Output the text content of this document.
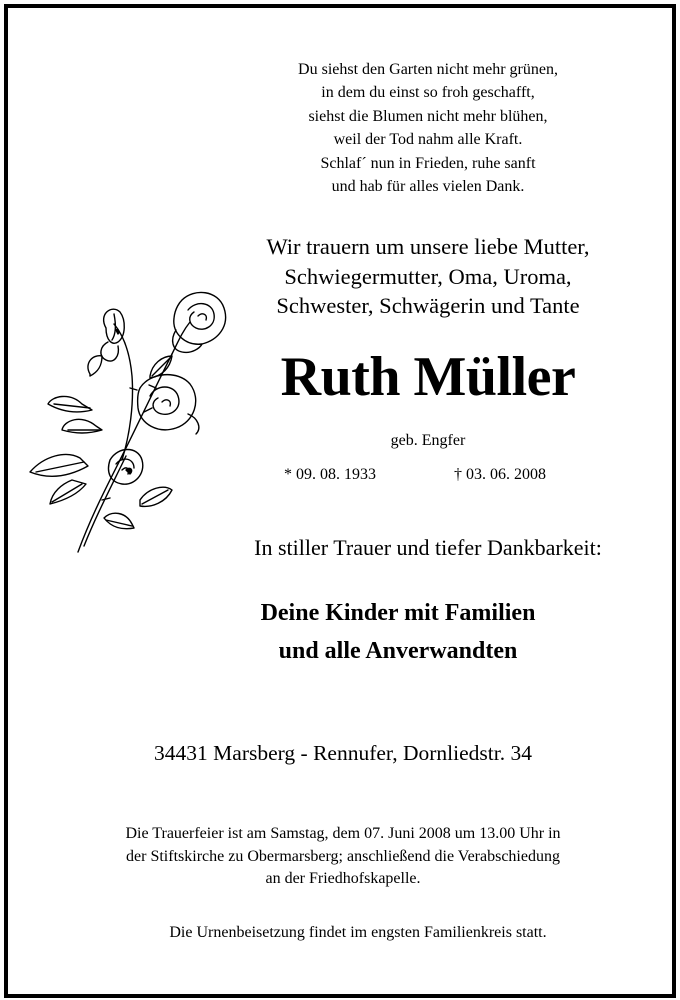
Du siehst den Garten nicht mehr grünen,
in dem du einst so froh geschafft,
siehst die Blumen nicht mehr blühen,
weil der Tod nahm alle Kraft.
Schlaf´ nun in Frieden, ruhe sanft
und hab für alles vielen Dank.
Wir trauern um unsere liebe Mutter,
Schwiegermutter, Oma, Uroma,
Schwester, Schwägerin und Tante
Ruth Müller
geb. Engfer
* 09. 08. 1933	† 03. 06. 2008
In stiller Trauer und tiefer Dankbarkeit:
Deine Kinder mit Familien
und alle Anverwandten
34431 Marsberg - Rennufer, Dornliedstr. 34
Die Trauerfeier ist am Samstag, dem 07. Juni 2008 um 13.00 Uhr in
der Stiftskirche zu Obermarsberg; anschließend die Verabschiedung
an der Friedhofskapelle.
Die Urnenbeisetzung findet im engsten Familienkreis statt.
